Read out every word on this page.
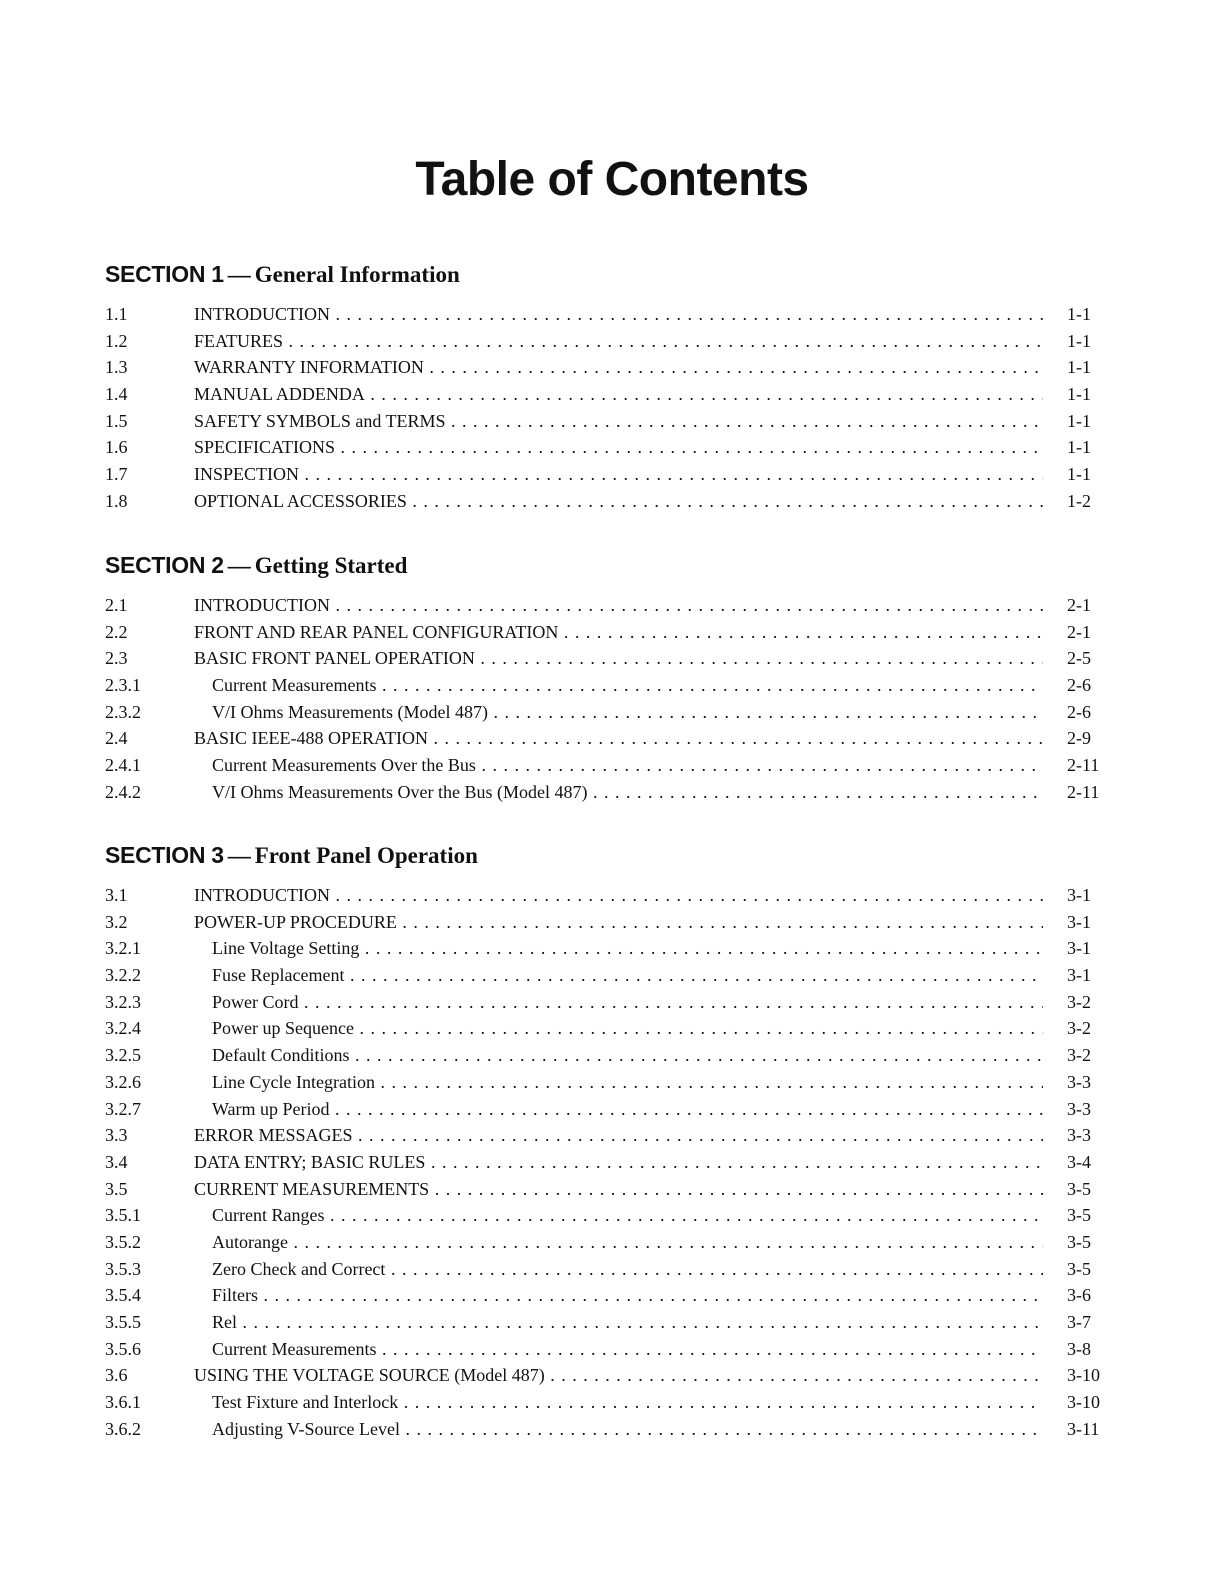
Table of Contents
SECTION 1 — General Information
1.1	INTRODUCTION . . .	1-1
1.2	FEATURES . . .	1-1
1.3	WARRANTY INFORMATION . . .	1-1
1.4	MANUAL ADDENDA . . .	1-1
1.5	SAFETY SYMBOLS and TERMS . . .	1-1
1.6	SPECIFICATIONS . . .	1-1
1.7	INSPECTION . . .	1-1
1.8	OPTIONAL ACCESSORIES . . .	1-2
SECTION 2 — Getting Started
2.1	INTRODUCTION . . .	2-1
2.2	FRONT AND REAR PANEL CONFIGURATION . . .	2-1
2.3	BASIC FRONT PANEL OPERATION . . .	2-5
2.3.1	Current Measurements . . .	2-6
2.3.2	V/I Ohms Measurements (Model 487) . . .	2-6
2.4	BASIC IEEE-488 OPERATION . . .	2-9
2.4.1	Current Measurements Over the Bus . . .	2-11
2.4.2	V/I Ohms Measurements Over the Bus (Model 487) . . .	2-11
SECTION 3 — Front Panel Operation
3.1	INTRODUCTION . . .	3-1
3.2	POWER-UP PROCEDURE . . .	3-1
3.2.1	Line Voltage Setting . . .	3-1
3.2.2	Fuse Replacement . . .	3-1
3.2.3	Power Cord . . .	3-2
3.2.4	Power up Sequence . . .	3-2
3.2.5	Default Conditions . . .	3-2
3.2.6	Line Cycle Integration . . .	3-3
3.2.7	Warm up Period . . .	3-3
3.3	ERROR MESSAGES . . .	3-3
3.4	DATA ENTRY; BASIC RULES . . .	3-4
3.5	CURRENT MEASUREMENTS . . .	3-5
3.5.1	Current Ranges . . .	3-5
3.5.2	Autorange . . .	3-5
3.5.3	Zero Check and Correct . . .	3-5
3.5.4	Filters . . .	3-6
3.5.5	Rel . . .	3-7
3.5.6	Current Measurements . . .	3-8
3.6	USING THE VOLTAGE SOURCE (Model 487) . . .	3-10
3.6.1	Test Fixture and Interlock . . .	3-10
3.6.2	Adjusting V-Source Level . . .	3-11
